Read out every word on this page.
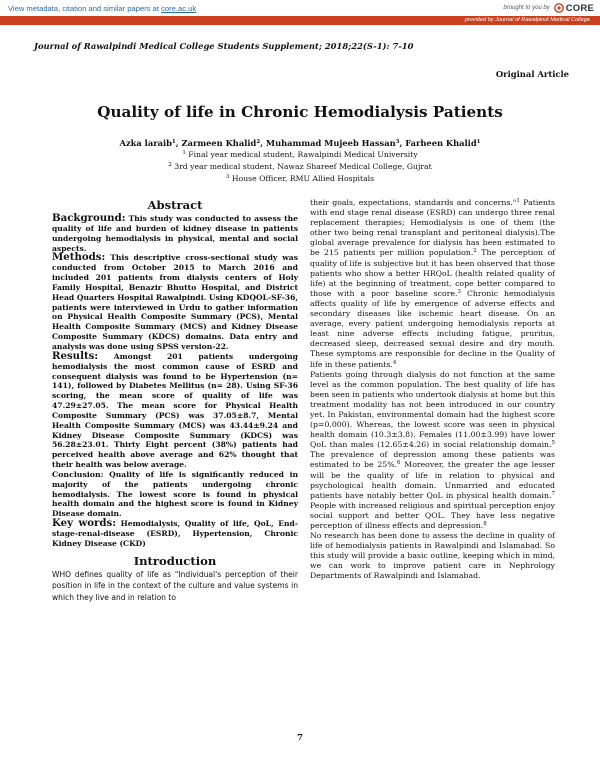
View metadata, citation and similar papers at core.ac.uk	brought to you by CORE
provided by Journal of Rawalpindi Medical College
Journal of Rawalpindi Medical College Students Supplement; 2018;22(S-1): 7-10
Original Article
Quality of life in Chronic Hemodialysis Patients
Azka laraib$^1$, Zarmeen Khalid$^2$, Muhammad Mujeeb Hassan$^3$, Farheen Khalid$^1$
$^1$ Final year medical student, Rawalpindi Medical University
$^2$ 3rd year medical student, Nawaz Shareef Medical College, Gujrat
$^3$ House Officer, RMU Allied Hospitals
Abstract

Background: This study was conducted to assess the quality of life and burden of kidney disease in patients undergoing hemodialysis in physical, mental and social aspects.

Methods: This descriptive cross-sectional study was conducted from October 2015 to March 2016 and included 201 patients from dialysis centers of Holy Family Hospital, Benazir Bhutto Hospital, and District Head Quarters Hospital Rawalpindi. Using KDQOL-SF-36, patients were interviewed in Urdu to gather information on Physical Health Composite Summary (PCS), Mental Health Composite Summary (MCS) and Kidney Disease Composite Summary (KDCS) domains. Data entry and analysis was done using SPSS version-22.

Results: Amongst 201 patients undergoing hemodialysis the most common cause of ESRD and consequent dialysis was found to be Hypertension (n= 141), followed by Diabetes Mellitus (n= 28). Using SF-36 scoring, the mean score of quality of life was 47.29±27.05. The mean score for Physical Health Composite Summary (PCS) was 37.05±8.7, Mental Health Composite Summary (MCS) was 43.44±9.24 and Kidney Disease Composite Summary (KDCS) was 56.28±23.01. Thirty Eight percent (38%) patients had perceived health above average and 62% thought that their health was below average.

Conclusion: Quality of life is significantly reduced in majority of the patients undergoing chronic hemodialysis. The lowest score is found in physical health domain and the highest score is found in Kidney Disease domain.

Key words: Hemodialysis, Quality of life, QoL, End-stage-renal-disease (ESRD), Hypertension, Chronic Kidney Disease (CKD)

Introduction

WHO defines quality of life as "Individual's perception of their position in life in the context of the culture and value systems in which they live and in relation to

their goals, expectations, standards and concerns."$^1$ Patients with end stage renal disease (ESRD) can undergo three renal replacement therapies; Hemodialysis is one of them (the other two being renal transplant and peritoneal dialysis).The global average prevalence for dialysis has been estimated to be 215 patients per million population.$^2$ The perception of quality of life is subjective but it has been observed that those patients who show a better HRQoL (health related quality of life) at the beginning of treatment, cope better compared to those with a poor baseline score.$^3$ Chronic hemodialysis affects quality of life by emergence of adverse effects and secondary diseases like ischemic heart disease. On an average, every patient undergoing hemodialysis reports at least nine adverse effects including fatigue, pruritus, decreased sleep, decreased sexual desire and dry mouth. These symptoms are responsible for decline in the Quality of life in these patients.$^4$

Patients going through dialysis do not function at the same level as the common population. The best quality of life has been seen in patients who undertook dialysis at home but this treatment modality has not been introduced in our country yet. In Pakistan, environmental domain had the highest score (p=0.000). Whereas, the lowest score was seen in physical health domain (10.3±3.8). Females (11.00±3.99) have lower QoL than males (12.65±4.26) in social relationship domain.$^5$ The prevalence of depression among these patients was estimated to be 25%.$^6$ Moreover, the greater the age lesser will be the quality of life in relation to physical and psychological health domain. Unmarried and educated patients have notably better QoL in physical health domain.$^7$ People with increased religious and spiritual perception enjoy social support and better QOL. They have less negative perception of illness effects and depression.$^8$

No research has been done to assess the decline in quality of life of hemodialysis patients in Rawalpindi and Islamabad. So this study will provide a basic outline, keeping which in mind, we can work to improve patient care in Nephrology Departments of Rawalpindi and Islamabad.

7
